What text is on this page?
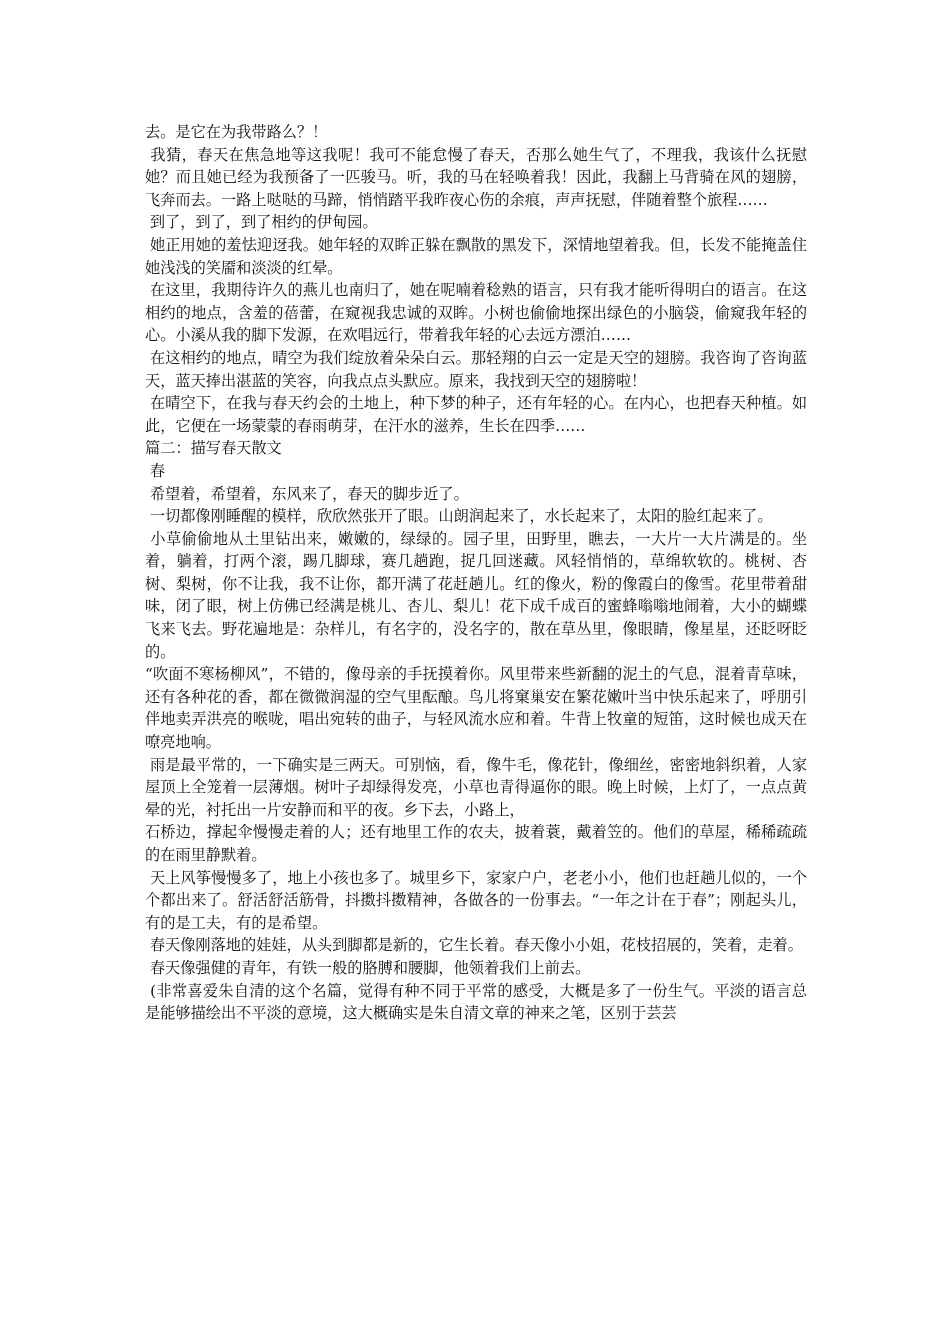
去。是它在为我带路么？！

我猜，春天在焦急地等这我呢！我可不能怠慢了春天，否那么她生气了，不理我，我该什么抚慰她？而且她已经为我预备了一匹骏马。听，我的马在轻唤着我！因此，我翻上马背骑在风的翅膀，飞奔而去。一路上哒哒的马蹄，悄悄踏平我昨夜心伤的余痕，声声抚慰，伴随着整个旅程……

到了，到了，到了相约的伊甸园。

她正用她的羞怯迎迓我。她年轻的双眸正躲在飘散的黑发下，深情地望着我。但，长发不能掩盖住她浅浅的笑靥和淡淡的红晕。

在这里，我期待许久的燕儿也南归了，她在呢喃着稔熟的语言，只有我才能听得明白的语言。在这相约的地点，含羞的蓓蕾，在窥视我忠诚的双眸。小树也偷偷地探出绿色的小脑袋，偷窥我年轻的心。小溪从我的脚下发源，在欢唱远行，带着我年轻的心去远方漂泊……

在这相约的地点，晴空为我们绽放着朵朵白云。那轻翔的白云一定是天空的翅膀。我咨询了咨询蓝天，蓝天捧出湛蓝的笑容，向我点点头默应。原来，我找到天空的翅膀啦！

在晴空下，在我与春天约会的土地上，种下梦的种子，还有年轻的心。在内心，也把春天种植。如此，它便在一场蒙蒙的春雨萌芽，在汗水的滋养，生长在四季……

篇二：描写春天散文

春

希望着，希望着，东风来了，春天的脚步近了。

一切都像刚睡醒的模样，欣欣然张开了眼。山朗润起来了，水长起来了，太阳的脸红起来了。

小草偷偷地从土里钻出来，嫩嫩的，绿绿的。园子里，田野里，瞧去，一大片一大片满是的。坐着，躺着，打两个滚，踢几脚球，赛几趟跑，捉几回迷藏。风轻悄悄的，草绵软软的。桃树、杏树、梨树，你不让我，我不让你，都开满了花赶趟儿。红的像火，粉的像霞白的像雪。花里带着甜味，闭了眼，树上仿佛已经满是桃儿、杏儿、梨儿！花下成千成百的蜜蜂嗡嗡地闹着，大小的蝴蝶飞来飞去。野花遍地是：杂样儿，有名字的，没名字的，散在草丛里，像眼睛，像星星，还眨呀眨的。

“吹面不寒杨柳风”，不错的，像母亲的手抚摸着你。风里带来些新翻的泥土的气息，混着青草味，还有各种花的香，都在微微润湿的空气里酝酿。鸟儿将窠巢安在繁花嫩叶当中快乐起来了，呼朋引伴地卖弄洪亮的喉咙，唱出宛转的曲子，与轻风流水应和着。牛背上牧童的短笛，这时候也成天在嘹亮地响。

雨是最平常的，一下确实是三两天。可别恼，看，像牛毛，像花针，像细丝，密密地斜织着，人家屋顶上全笼着一层薄烟。树叶子却绿得发亮，小草也青得逼你的眼。晚上时候，上灯了，一点点黄晕的光，衬托出一片安静而和平的夜。乡下去，小路上，

石桥边，撑起伞慢慢走着的人；还有地里工作的农夫，披着蓑，戴着笠的。他们的草屋，稀稀疏疏的在雨里静默着。

天上风筝慢慢多了，地上小孩也多了。城里乡下，家家户户，老老小小，他们也赶趟儿似的，一个个都出来了。舒活舒活筋骨，抖擞抖擞精神，各做各的一份事去。“一年之计在于春”；刚起头儿，有的是工夫，有的是希望。

春天像刚落地的娃娃，从头到脚都是新的，它生长着。春天像小小姐，花枝招展的，笑着，走着。

春天像强健的青年，有铁一般的胳膊和腰脚，他领着我们上前去。

(非常喜爱朱自清的这个名篇，觉得有种不同于平常的感受，大概是多了一份生气。平淡的语言总是能够描绘出不平淡的意境，这大概确实是朱自清文章的神来之笔，区别于芸芸
